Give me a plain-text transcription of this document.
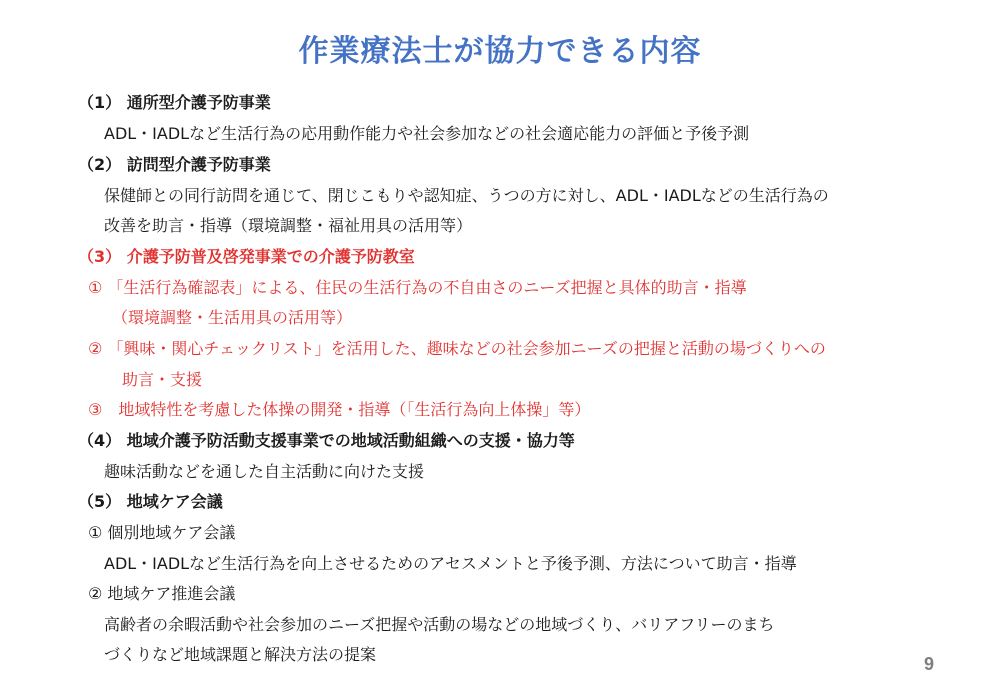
作業療法士が協力できる内容
（1） 通所型介護予防事業
ADL・IADLなど生活行為の応用動作能力や社会参加などの社会適応能力の評価と予後予測
（2） 訪問型介護予防事業
保健師との同行訪問を通じて、閉じこもりや認知症、うつの方に対し、ADL・IADLなどの生活行為の
改善を助言・指導（環境調整・福祉用具の活用等）
（3） 介護予防普及啓発事業での介護予防教室
① 「生活行為確認表」による、住民の生活行為の不自由さのニーズ把握と具体的助言・指導
（環境調整・生活用具の活用等）
② 「興味・関心チェックリスト」を活用した、趣味などの社会参加ニーズの把握と活動の場づくりへの
助言・支援
③　地域特性を考慮した体操の開発・指導（「生活行為向上体操」等）
（4） 地域介護予防活動支援事業での地域活動組織への支援・協力等
趣味活動などを通した自主活動に向けた支援
（5） 地域ケア会議
① 個別地域ケア会議
ADL・IADLなど生活行為を向上させるためのアセスメントと予後予測、方法について助言・指導
② 地域ケア推進会議
高齢者の余暇活動や社会参加のニーズ把握や活動の場などの地域づくり、バリアフリーのまち
づくりなど地域課題と解決方法の提案	9
